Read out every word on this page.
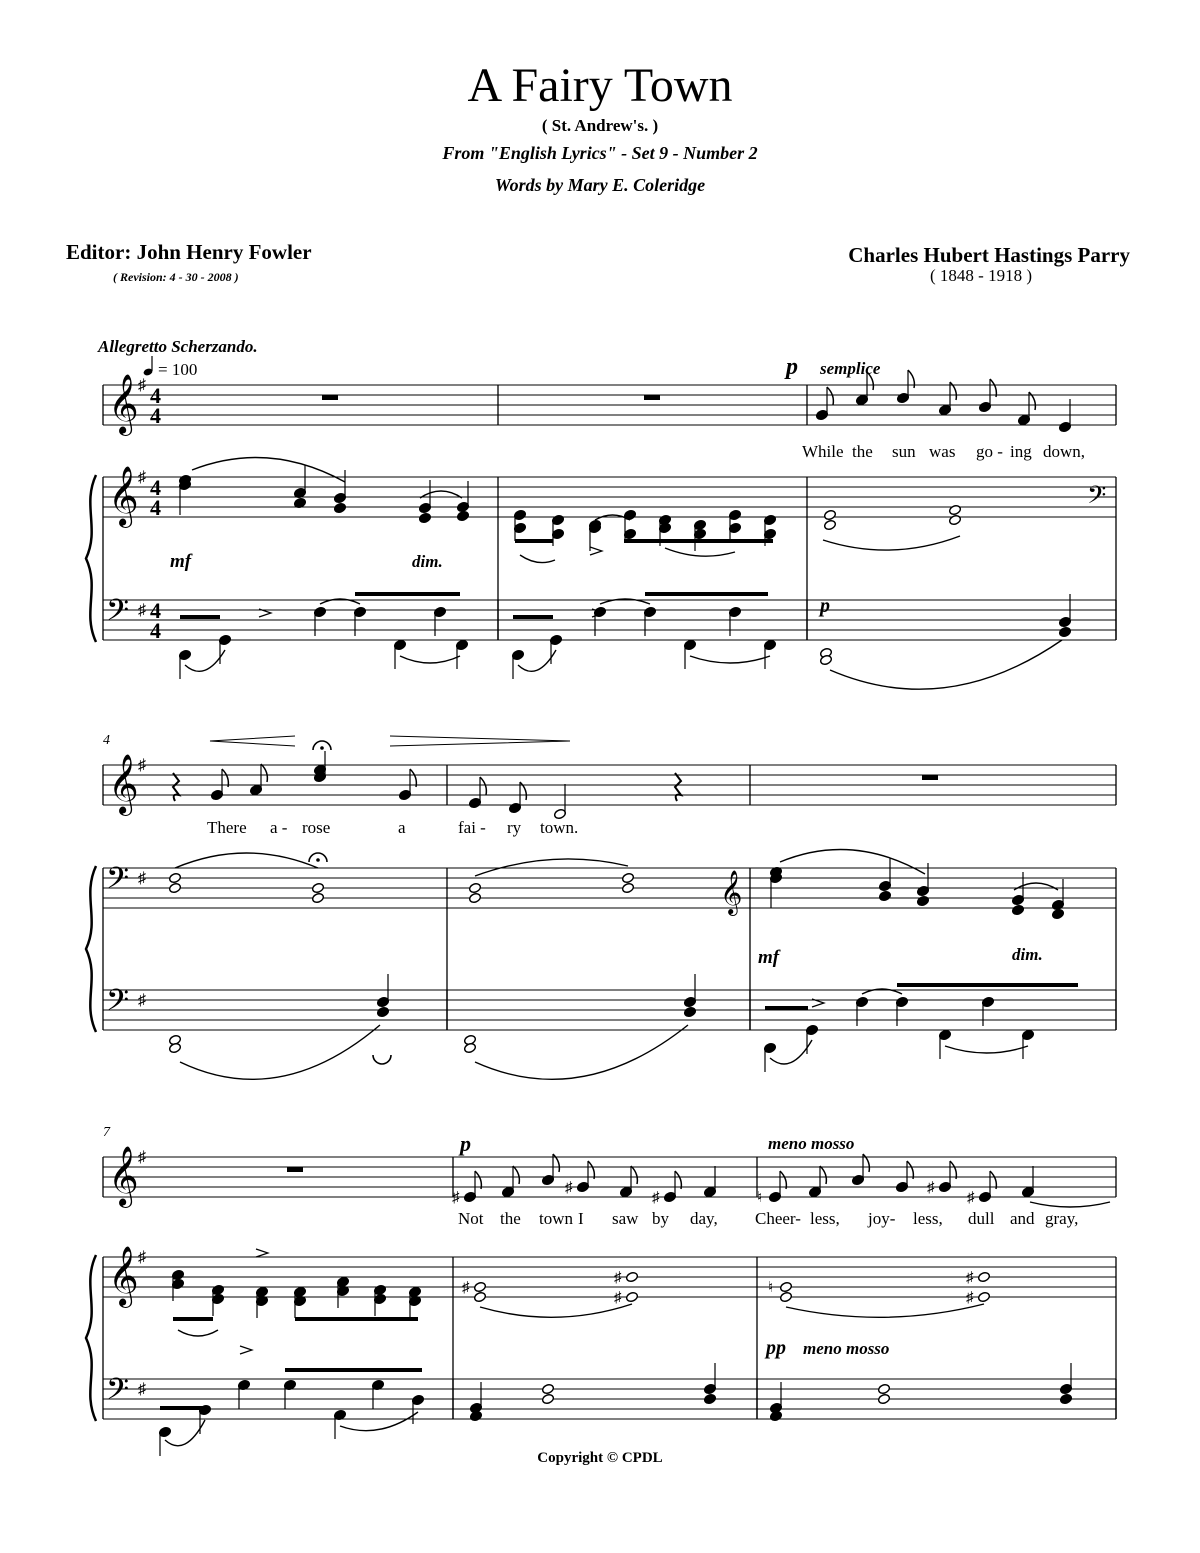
A Fairy Town
( St. Andrew's. )
From "English Lyrics" - Set 9 - Number 2
Words by Mary E. Coleridge
Editor: John Henry Fowler
( Revision: 4 - 30 - 2008 )
Charles Hubert Hastings Parry
( 1848 - 1918 )
Allegretto Scherzando.
= 100
𝄞 ♯ 4
4
𝄞 ♯ 4
4	𝄢
𝄢 ♯ 4
4
p semplice
mf	dim.
p
While the sun was go - ing down,
4
𝄞 ♯
𝄢 ♯	𝄞
𝄢 ♯
mf	dim.
There a - rose	a	fai - ry town.
7
𝄞 ♯
♯
♯
♯	♮
♯
♯
𝄞 ♯
♯
♯
♯
♮
♯
♯
𝄢 ♯
p	meno mosso
pp meno mosso
Not the town I saw by day, Cheer- less, joy- less, dull and gray,
Copyright © CPDL
